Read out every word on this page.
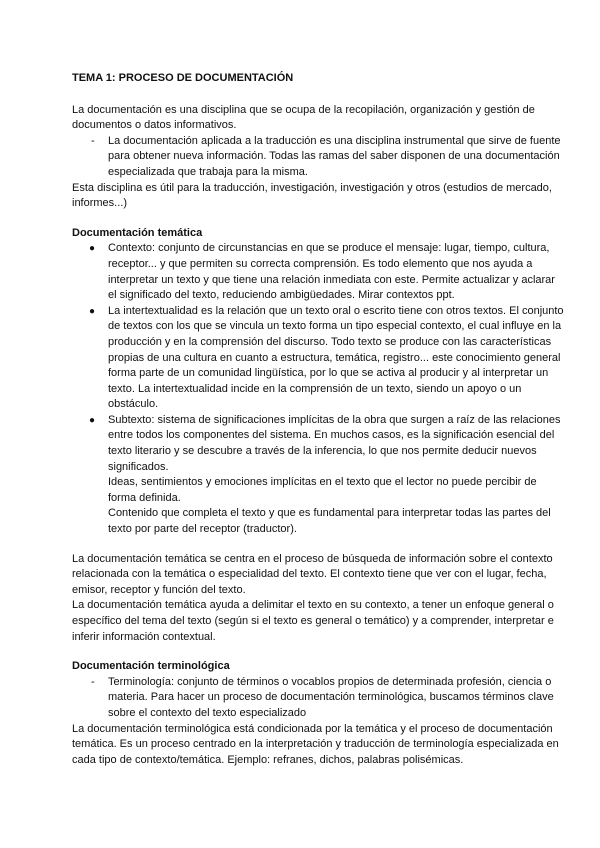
TEMA 1: PROCESO DE DOCUMENTACIÓN

La documentación es una disciplina que se ocupa de la recopilación, organización y gestión de documentos o datos informativos.

- La documentación aplicada a la traducción es una disciplina instrumental que sirve de fuente para obtener nueva información. Todas las ramas del saber disponen de una documentación especializada que trabaja para la misma.

Esta disciplina es útil para la traducción, investigación, investigación y otros (estudios de mercado, informes...)

Documentación temática
● Contexto: conjunto de circunstancias en que se produce el mensaje: lugar, tiempo, cultura, receptor... y que permiten su correcta comprensión. Es todo elemento que nos ayuda a interpretar un texto y que tiene una relación inmediata con este. Permite actualizar y aclarar el significado del texto, reduciendo ambigüedades. Mirar contextos ppt.
● La intertextualidad es la relación que un texto oral o escrito tiene con otros textos. El conjunto de textos con los que se vincula un texto forma un tipo especial contexto, el cual influye en la producción y en la comprensión del discurso. Todo texto se produce con las características propias de una cultura en cuanto a estructura, temática, registro... este conocimiento general forma parte de un comunidad lingüística, por lo que se activa al producir y al interpretar un texto. La intertextualidad incide en la comprensión de un texto, siendo un apoyo o un obstáculo.
● Subtexto: sistema de significaciones implícitas de la obra que surgen a raíz de las relaciones entre todos los componentes del sistema. En muchos casos, es la significación esencial del texto literario y se descubre a través de la inferencia, lo que nos permite deducir nuevos significados.

Ideas, sentimientos y emociones implícitas en el texto que el lector no puede percibir de forma definida.

Contenido que completa el texto y que es fundamental para interpretar todas las partes del texto por parte del receptor (traductor).

La documentación temática se centra en el proceso de búsqueda de información sobre el contexto relacionada con la temática o especialidad del texto. El contexto tiene que ver con el lugar, fecha, emisor, receptor y función del texto.

La documentación temática ayuda a delimitar el texto en su contexto, a tener un enfoque general o específico del tema del texto (según si el texto es general o temático) y a comprender, interpretar e inferir información contextual.

Documentación terminológica
- Terminología: conjunto de términos o vocablos propios de determinada profesión, ciencia o materia. Para hacer un proceso de documentación terminológica, buscamos términos clave sobre el contexto del texto especializado

La documentación terminológica está condicionada por la temática y el proceso de documentación temática. Es un proceso centrado en la interpretación y traducción de terminología especializada en cada tipo de contexto/temática. Ejemplo: refranes, dichos, palabras polisémicas.
